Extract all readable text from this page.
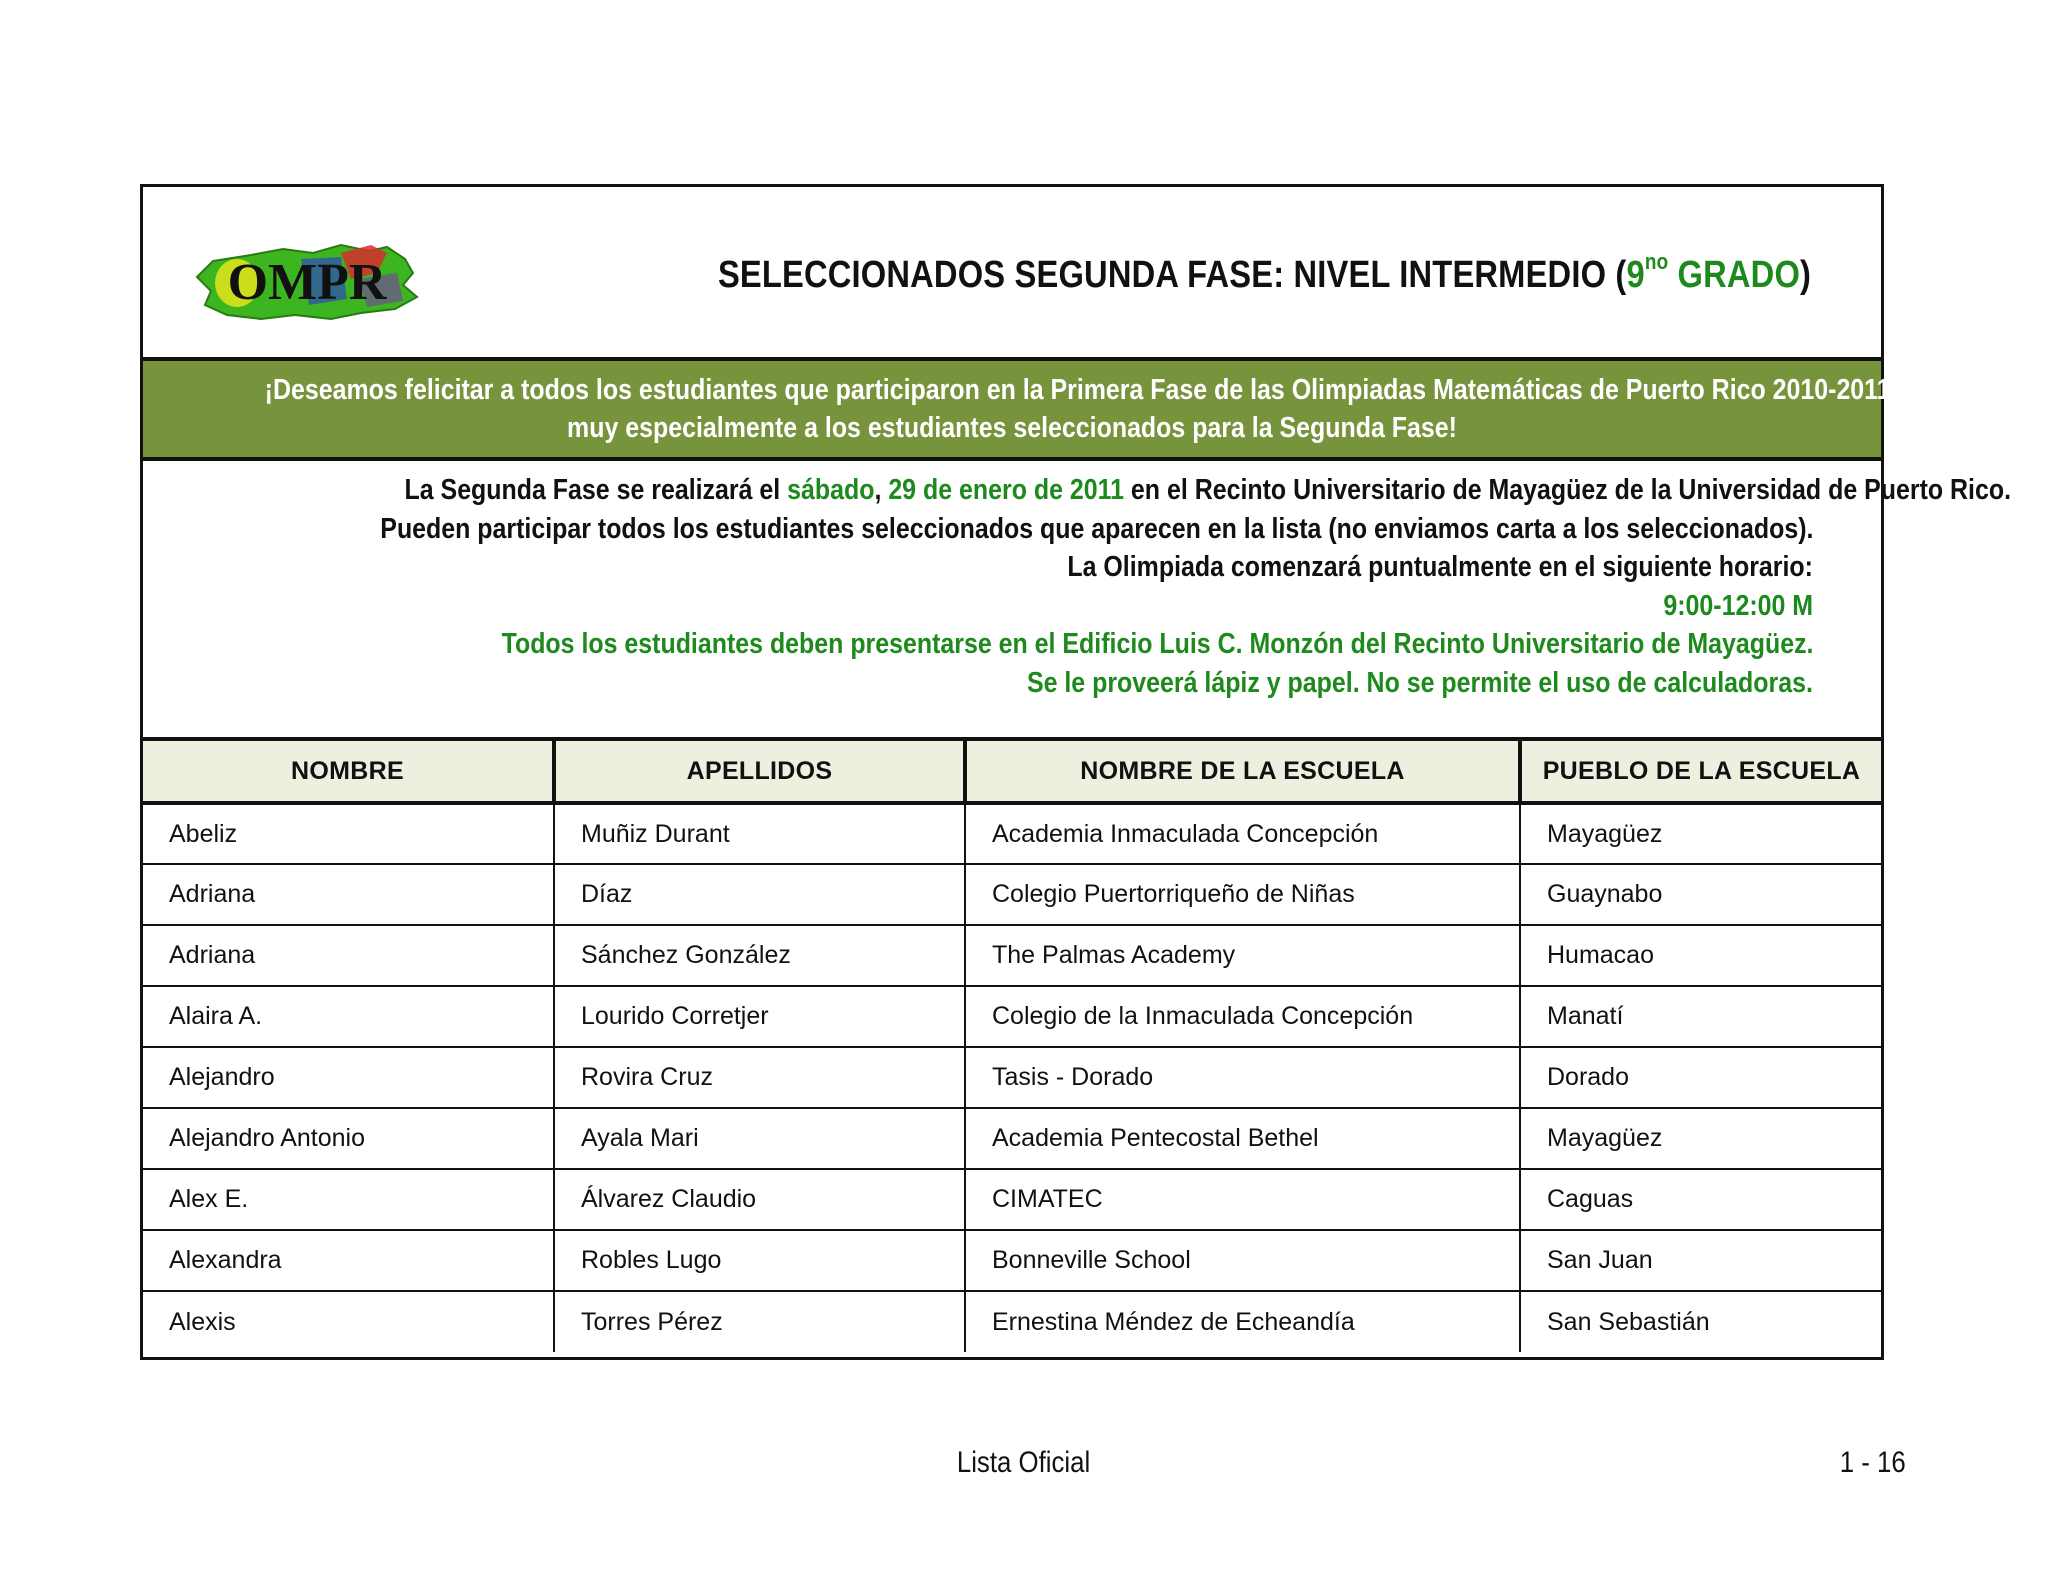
OMPR	SELECCIONADOS SEGUNDA FASE: NIVEL INTERMEDIO ($9^{no}$ GRADO)
¡Deseamos felicitar a todos los estudiantes que participaron en la Primera Fase de las Olimpiadas Matemáticas de Puerto Rico 2010-2011 y
muy especialmente a los estudiantes seleccionados para la Segunda Fase!
La Segunda Fase se realizará el sábado, 29 de enero de 2011 en el Recinto Universitario de Mayagüez de la Universidad de Puerto Rico.
Pueden participar todos los estudiantes seleccionados que aparecen en la lista (no enviamos carta a los seleccionados).
La Olimpiada comenzará puntualmente en el siguiente horario:
9:00-12:00 M
Todos los estudiantes deben presentarse en el Edificio Luis C. Monzón del Recinto Universitario de Mayagüez.
Se le proveerá lápiz y papel. No se permite el uso de calculadoras.
NOMBRE	APELLIDOS	NOMBRE DE LA ESCUELA	PUEBLO DE LA ESCUELA
Abeliz	Muñiz Durant	Academia Inmaculada Concepción	Mayagüez
Adriana	Díaz	Colegio Puertorriqueño de Niñas	Guaynabo
Adriana	Sánchez González	The Palmas Academy	Humacao
Alaira A.	Lourido Corretjer	Colegio de la Inmaculada Concepción	Manatí
Alejandro	Rovira Cruz	Tasis - Dorado	Dorado
Alejandro Antonio	Ayala Mari	Academia Pentecostal Bethel	Mayagüez
Alex E.	Álvarez Claudio	CIMATEC	Caguas
Alexandra	Robles Lugo	Bonneville School	San Juan
Alexis	Torres Pérez	Ernestina Méndez de Echeandía	San Sebastián
Lista Oficial	1 - 16
